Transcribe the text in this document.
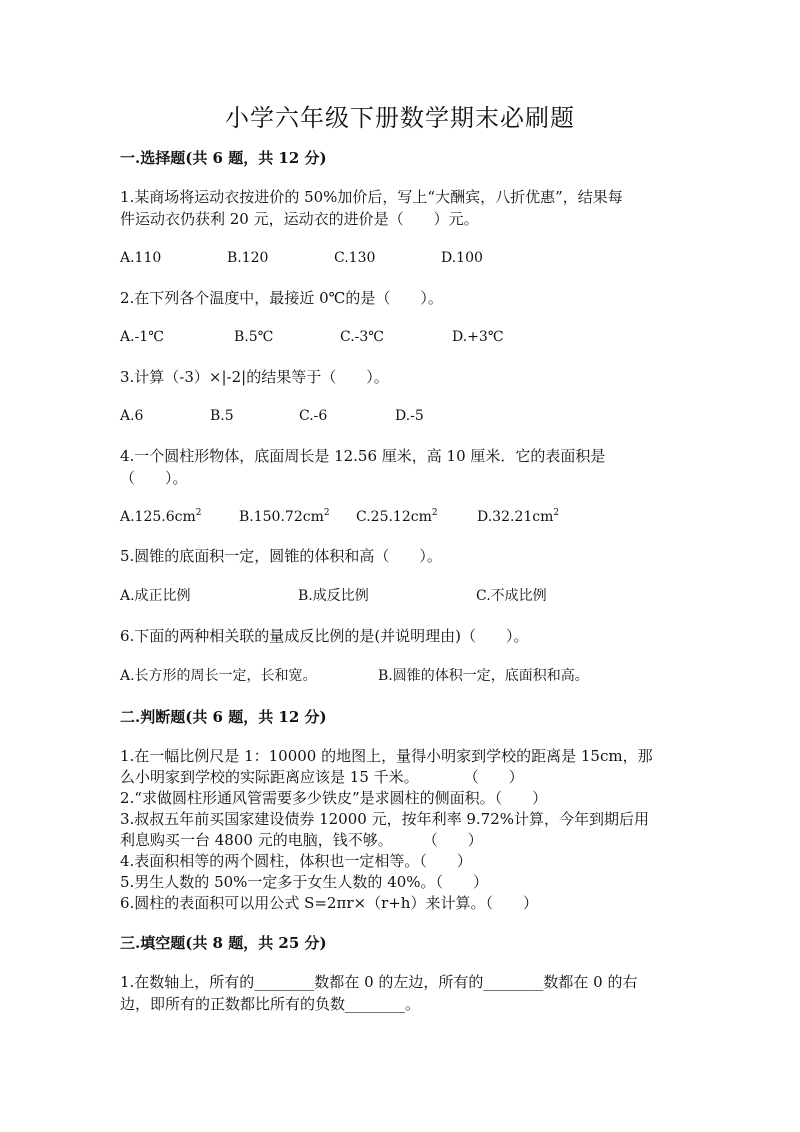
小学六年级下册数学期末必刷题
一.选择题(共 6 题，共 12 分)
1.某商场将运动衣按进价的 50%加价后，写上“大酬宾，八折优惠”，结果每
件运动衣仍获利 20 元，运动衣的进价是（　　）元。
A.110	B.120	C.130	D.100
2.在下列各个温度中，最接近 0℃的是（　　）。
A.-1℃	B.5℃	C.-3℃	D.+3℃
3.计算（-3）×|-2|的结果等于（　　）。
A.6	B.5	C.-6	D.-5
4.一个圆柱形物体，底面周长是 12.56 厘米，高 10 厘米．它的表面积是
（　　）。
$A.125.6cm^2$	$B.150.72cm^2$ $C.25.12cm^2$	$D.32.21cm^2$
5.圆锥的底面积一定，圆锥的体积和高（　　）。
A.成正比例	B.成反比例	C.不成比例
6.下面的两种相关联的量成反比例的是(并说明理由)（　　）。
A.长方形的周长一定，长和宽。	B.圆锥的体积一定，底面积和高。
二.判断题(共 6 题，共 12 分)
1.在一幅比例尺是 1：10000 的地图上，量得小明家到学校的距离是 15cm，那
么小明家到学校的实际距离应该是 15 千米。　　　　（　　）
2.“求做圆柱形通风管需要多少铁皮”是求圆柱的侧面积。（　　）
3.叔叔五年前买国家建设债券 12000 元，按年利率 9.72%计算，今年到期后用
利息购买一台 4800 元的电脑，钱不够。　　　（　　）
4.表面积相等的两个圆柱，体积也一定相等。（　　）
5.男生人数的 50%一定多于女生人数的 40%。（　　）
6.圆柱的表面积可以用公式 S=2πr×（r+h）来计算。（　　）
三.填空题(共 8 题，共 25 分)
1.在数轴上，所有的________数都在 0 的左边，所有的________数都在 0 的右
边，即所有的正数都比所有的负数________。
